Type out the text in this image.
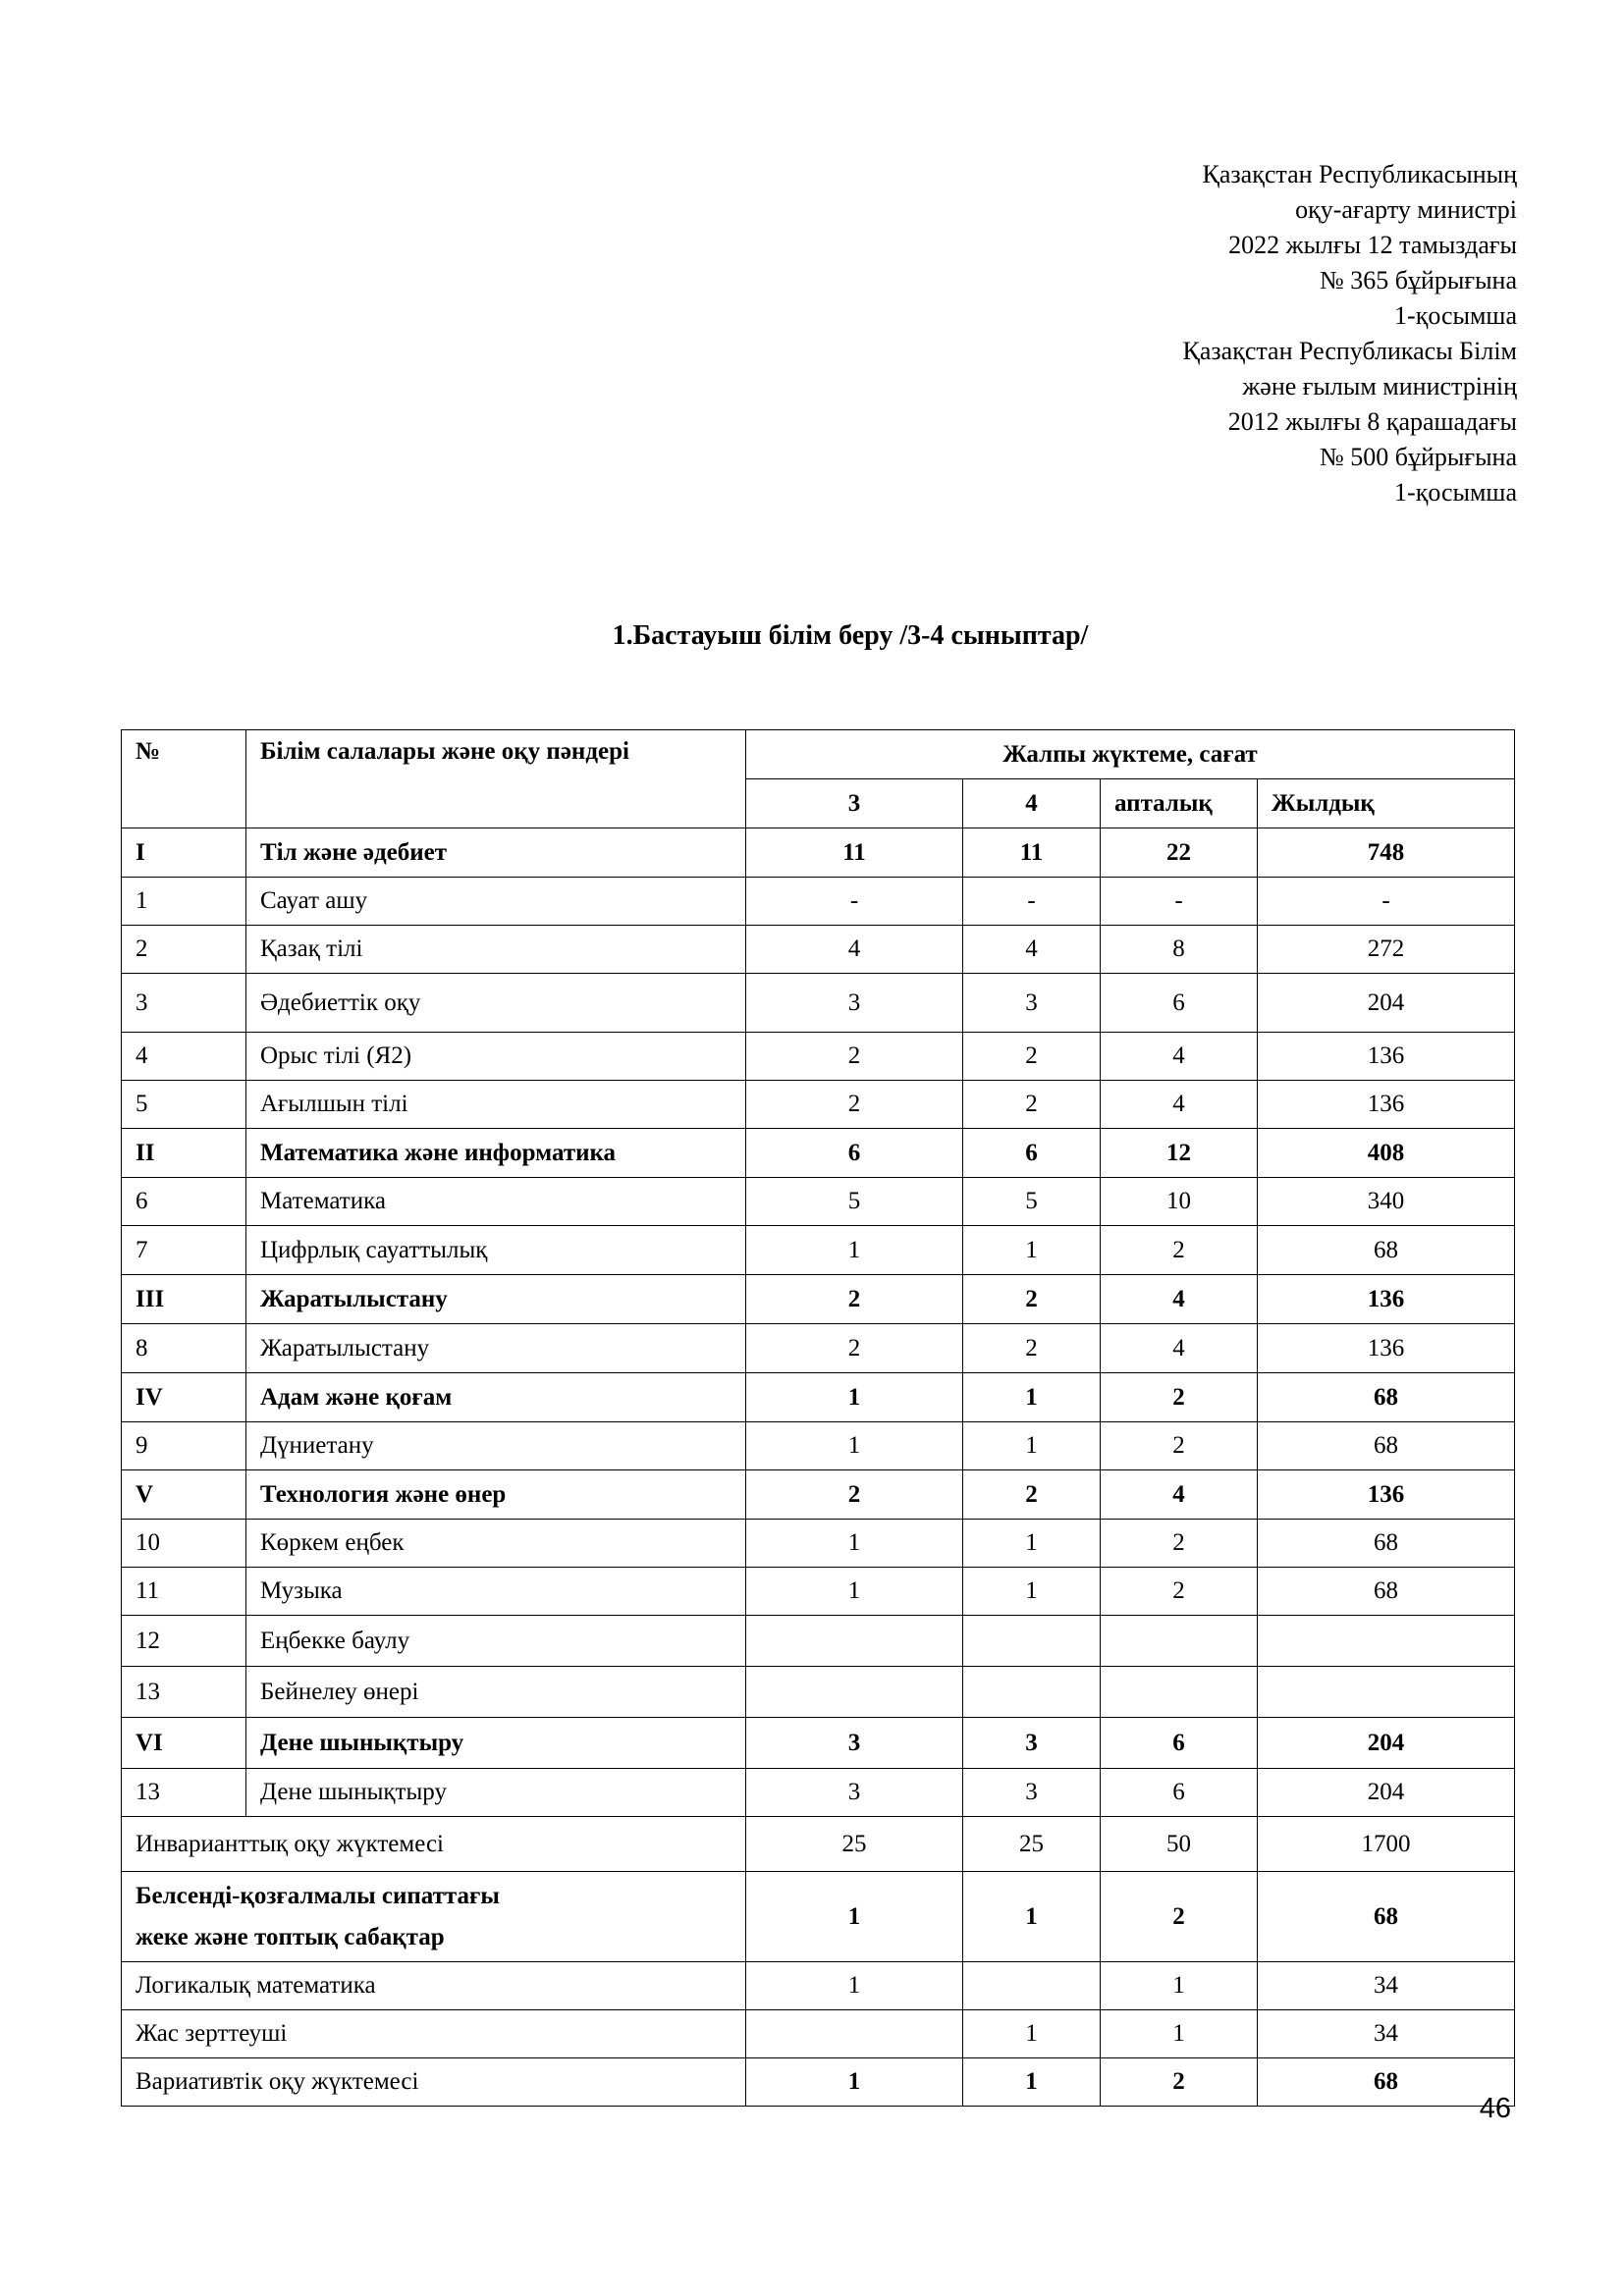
Қазақстан Республикасының
оқу-ағарту министрі
2022 жылғы 12 тамыздағы
№ 365 бұйрығына
1-қосымша
Қазақстан Республикасы Білім
және ғылым министрінің
2012 жылғы 8 қарашадағы
№ 500 бұйрығына
1-қосымша
1.Бастауыш білім беру /3-4 сыныптар/
№	Білім салалары және оқу пәндері	Жалпы жүктеме, сағат			
		3	4	апталық	Жылдық
I	Тіл және әдебиет	11	11	22	748
1	Сауат ашу	-	-	-	-
2	Қазақ тілі	4	4	8	272
3	Әдебиеттік оқу	3	3	6	204
4	Орыс тілі (Я2)	2	2	4	136
5	Ағылшын тілі	2	2	4	136
II	Математика және информатика	6	6	12	408
6	Математика	5	5	10	340
7	Цифрлық сауаттылық	1	1	2	68
III	Жаратылыстану	2	2	4	136
8	Жаратылыстану	2	2	4	136
IV	Адам және қоғам	1	1	2	68
9	Дүниетану	1	1	2	68
V	Технология және өнер	2	2	4	136
10	Көркем еңбек	1	1	2	68
11	Музыка	1	1	2	68
12	Еңбекке баулу				
13	Бейнелеу өнері				
VI	Дене шынықтыру	3	3	6	204
13	Дене шынықтыру	3	3	6	204
Инварианттық оқу жүктемесі		25	25	50	1700

Белсенді-қозғалмалы сипаттағы
жеке және топтық сабақтар		1	1	2	68
Логикалық математика		1		1	34
Жас зерттеуші			1	1	34
Вариативтік оқу жүктемесі		1	1	2	68
46
